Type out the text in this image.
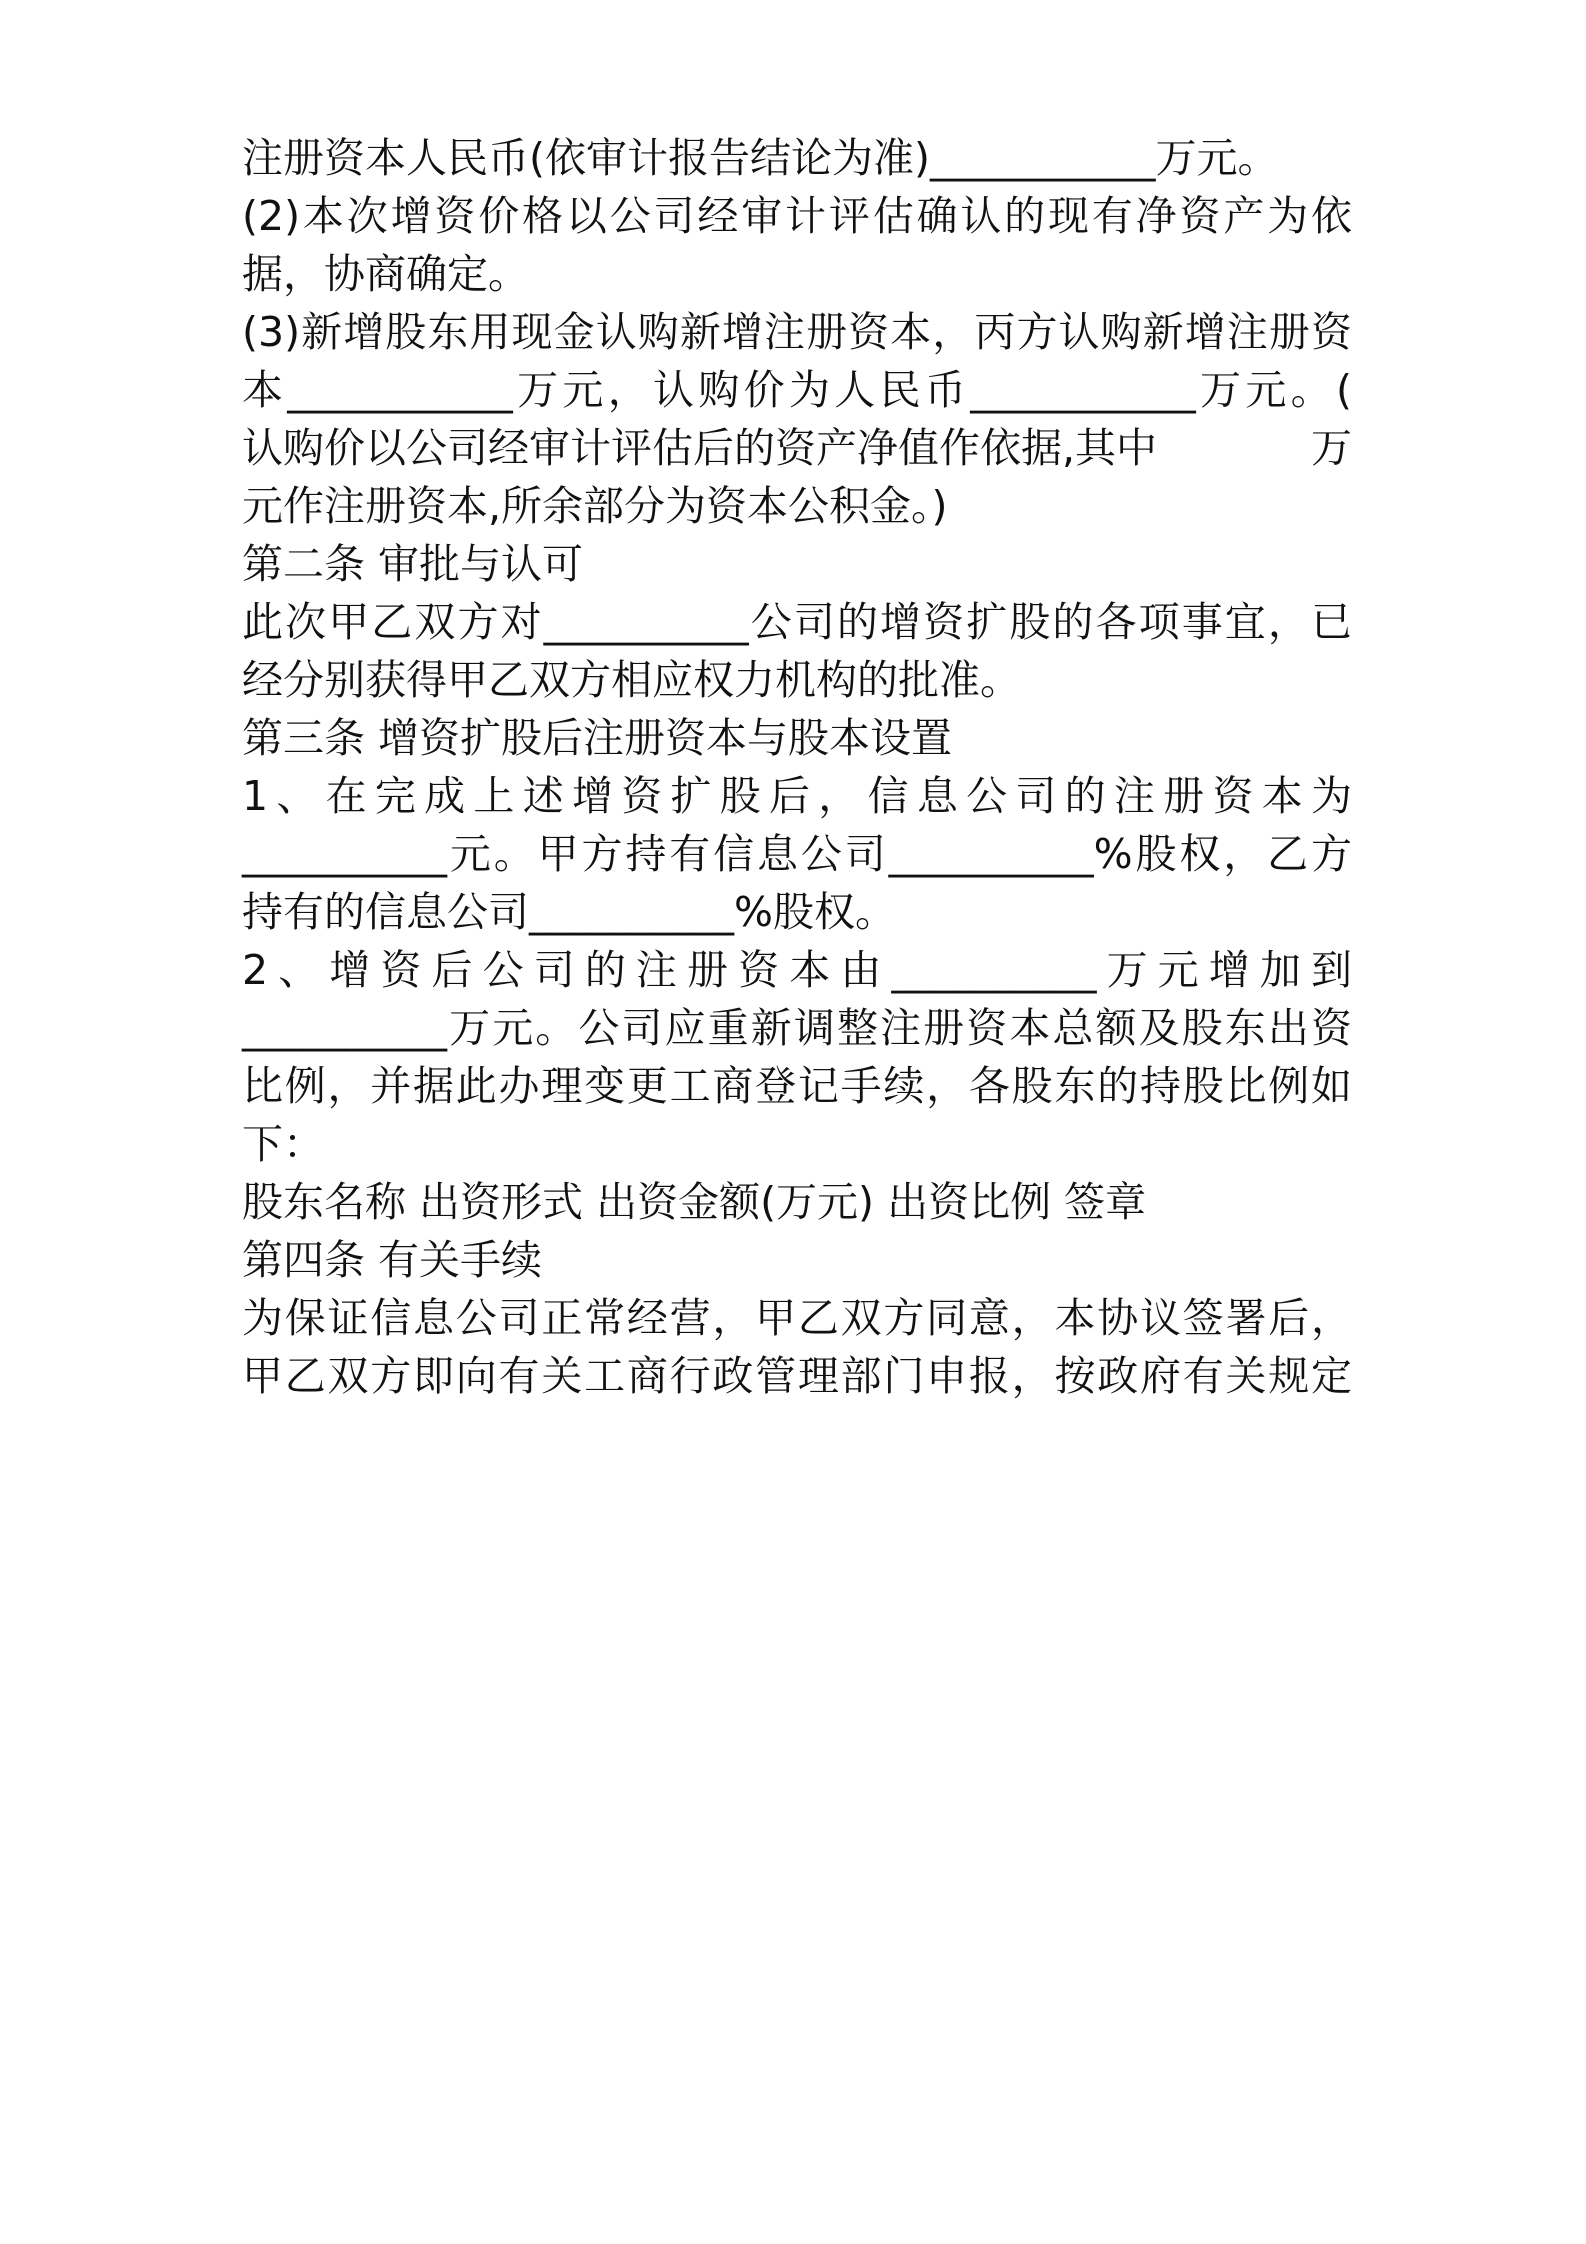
注册资本人民币(依审计报告结论为准)___________万元。
(2)本次增资价格以公司经审计评估确认的现有净资产为依
据，协商确定。
(3)新增股东用现金认购新增注册资本，丙方认购新增注册资
本___________万元，认购价为人民币___________万元。(
认购价以公司经审计评估后的资产净值作依据,其中	万
元作注册资本,所余部分为资本公积金。)
第二条 审批与认可
此次甲乙双方对__________公司的增资扩股的各项事宜，已
经分别获得甲乙双方相应权力机构的批准。
第三条 增资扩股后注册资本与股本设置
1、在完成上述增资扩股后，信息公司的注册资本为
__________元。甲方持有信息公司__________%股权，乙方
持有的信息公司__________%股权。
2、增资后公司的注册资本由__________万元增加到
__________万元。公司应重新调整注册资本总额及股东出资
比例，并据此办理变更工商登记手续，各股东的持股比例如
下：
股东名称 出资形式 出资金额(万元) 出资比例 签章
第四条 有关手续
为保证信息公司正常经营，甲乙双方同意，本协议签署后，
甲乙双方即向有关工商行政管理部门申报，按政府有关规定
